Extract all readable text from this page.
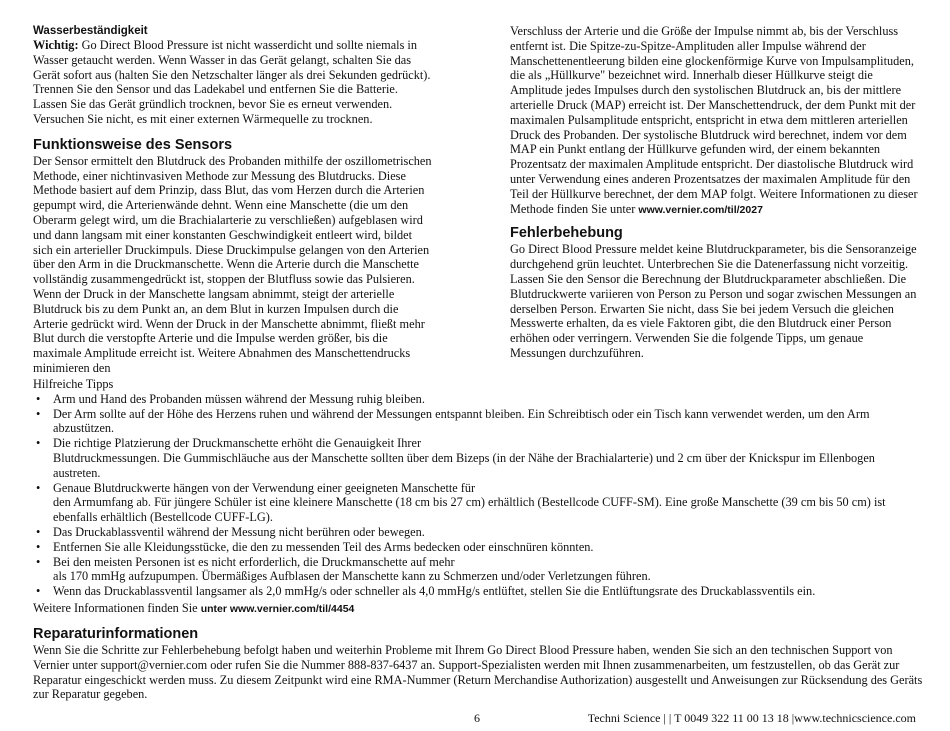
Wasserbeständigkeit

Wichtig: Go Direct Blood Pressure ist nicht wasserdicht und sollte niemals in Wasser getaucht werden. Wenn Wasser in das Gerät gelangt, schalten Sie das Gerät sofort aus (halten Sie den Netzschalter länger als drei Sekunden gedrückt). Trennen Sie den Sensor und das Ladekabel und entfernen Sie die Batterie. Lassen Sie das Gerät gründlich trocknen, bevor Sie es erneut verwenden. Versuchen Sie nicht, es mit einer externen Wärmequelle zu trocknen.

Funktionsweise des Sensors

Der Sensor ermittelt den Blutdruck des Probanden mithilfe der oszillometrischen Methode, einer nichtinvasiven Methode zur Messung des Blutdrucks. Diese Methode basiert auf dem Prinzip, dass Blut, das vom Herzen durch die Arterien gepumpt wird, die Arterienwände dehnt. Wenn eine Manschette (die um den Oberarm gelegt wird, um die Brachialarterie zu verschließen) aufgeblasen wird und dann langsam mit einer konstanten Geschwindigkeit entleert wird, bildet sich ein arterieller Druckimpuls. Diese Druckimpulse gelangen von den Arterien über den Arm in die Druckmanschette. Wenn die Arterie durch die Manschette vollständig zusammengedrückt ist, stoppen der Blutfluss sowie das Pulsieren. Wenn der Druck in der Manschette langsam abnimmt, steigt der arterielle Blutdruck bis zu dem Punkt an, an dem Blut in kurzen Impulsen durch die Arterie gedrückt wird. Wenn der Druck in der Manschette abnimmt, fließt mehr Blut durch die verstopfte Arterie und die Impulse werden größer, bis die maximale Amplitude erreicht ist. Weitere Abnahmen des Manschettendrucks minimieren den

Verschluss der Arterie und die Größe der Impulse nimmt ab, bis der Verschluss entfernt ist. Die Spitze-zu-Spitze-Amplituden aller Impulse während der Manschettenentleerung bilden eine glockenförmige Kurve von Impulsamplituden, die als „Hüllkurve" bezeichnet wird. Innerhalb dieser Hüllkurve steigt die Amplitude jedes Impulses durch den systolischen Blutdruck an, bis der mittlere arterielle Druck (MAP) erreicht ist. Der Manschettendruck, der dem Punkt mit der maximalen Pulsamplitude entspricht, entspricht in etwa dem mittleren arteriellen Druck des Probanden. Der systolische Blutdruck wird berechnet, indem vor dem MAP ein Punkt entlang der Hüllkurve gefunden wird, der einem bekannten Prozentsatz der maximalen Amplitude entspricht. Der diastolische Blutdruck wird unter Verwendung eines anderen Prozentsatzes der maximalen Amplitude für den Teil der Hüllkurve berechnet, der dem MAP folgt. Weitere Informationen zu dieser Methode finden Sie unter www.vernier.com/til/2027

Fehlerbehebung

Go Direct Blood Pressure meldet keine Blutdruckparameter, bis die Sensoranzeige durchgehend grün leuchtet. Unterbrechen Sie die Datenerfassung nicht vorzeitig. Lassen Sie den Sensor die Berechnung der Blutdruckparameter abschließen. Die Blutdruckwerte variieren von Person zu Person und sogar zwischen Messungen an derselben Person. Erwarten Sie nicht, dass Sie bei jedem Versuch die gleichen Messwerte erhalten, da es viele Faktoren gibt, die den Blutdruck einer Person erhöhen oder verringern. Verwenden Sie die folgende Tipps, um genaue Messungen durchzuführen.

Hilfreiche Tipps

• Arm und Hand des Probanden müssen während der Messung ruhig bleiben.
• Der Arm sollte auf der Höhe des Herzens ruhen und während der Messungen entspannt bleiben. Ein Schreibtisch oder ein Tisch kann verwendet werden, um den Arm abzustützen.
• Die richtige Platzierung der Druckmanschette erhöht die Genauigkeit Ihrer
Blutdruckmessungen. Die Gummischläuche aus der Manschette sollten über dem Bizeps (in der Nähe der Brachialarterie) und 2 cm über der Knickspur im Ellenbogen austreten.
• Genaue Blutdruckwerte hängen von der Verwendung einer geeigneten Manschette für
den Armumfang ab. Für jüngere Schüler ist eine kleinere Manschette (18 cm bis 27 cm) erhältlich (Bestellcode CUFF-SM). Eine große Manschette (39 cm bis 50 cm) ist ebenfalls erhältlich (Bestellcode CUFF-LG).
• Das Druckablassventil während der Messung nicht berühren oder bewegen.
• Entfernen Sie alle Kleidungsstücke, die den zu messenden Teil des Arms bedecken oder einschnüren könnten.
• Bei den meisten Personen ist es nicht erforderlich, die Druckmanschette auf mehr
als 170 mmHg aufzupumpen. Übermäßiges Aufblasen der Manschette kann zu Schmerzen und/oder Verletzungen führen.
• Wenn das Druckablassventil langsamer als 2,0 mmHg/s oder schneller als 4,0 mmHg/s entlüftet, stellen Sie die Entlüftungsrate des Druckablassventils ein.

Weitere Informationen finden Sie unter www.vernier.com/til/4454

Reparaturinformationen

Wenn Sie die Schritte zur Fehlerbehebung befolgt haben und weiterhin Probleme mit Ihrem Go Direct Blood Pressure haben, wenden Sie sich an den technischen Support von Vernier unter support@vernier.com oder rufen Sie die Nummer 888-837-6437 an. Support-Spezialisten werden mit Ihnen zusammenarbeiten, um festzustellen, ob das Gerät zur Reparatur eingeschickt werden muss. Zu diesem Zeitpunkt wird eine RMA-Nummer (Return Merchandise Authorization) ausgestellt und Anweisungen zur Rücksendung des Geräts zur Reparatur gegeben.

6	Techni Science | | T 0049 322 11 00 13 18 |www.technicscience.com
